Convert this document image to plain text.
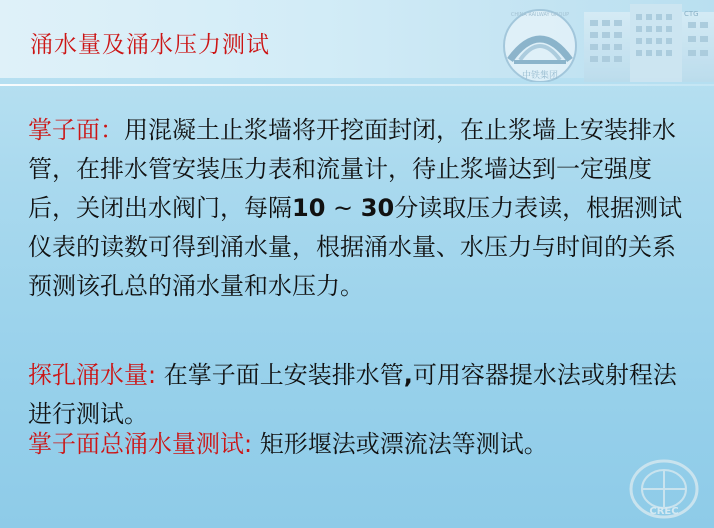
涌水量及涌水压力测试
CTG
中铁集团
CHINA RAILWAY GROUP

掌子面：用混凝土止浆墙将开挖面封闭，在止浆墙上安装排水管，在排水管安装压力表和流量计，待止浆墙达到一定强度后，关闭出水阀门，每隔10 ~ 30分读取压力表读，根据测试仪表的读数可得到涌水量，根据涌水量、水压力与时间的关系预测该孔总的涌水量和水压力。

探孔涌水量: 在掌子面上安装排水管,可用容器提水法或射程法进行测试。

掌子面总涌水量测试: 矩形堰法或漂流法等测试。

CREC
